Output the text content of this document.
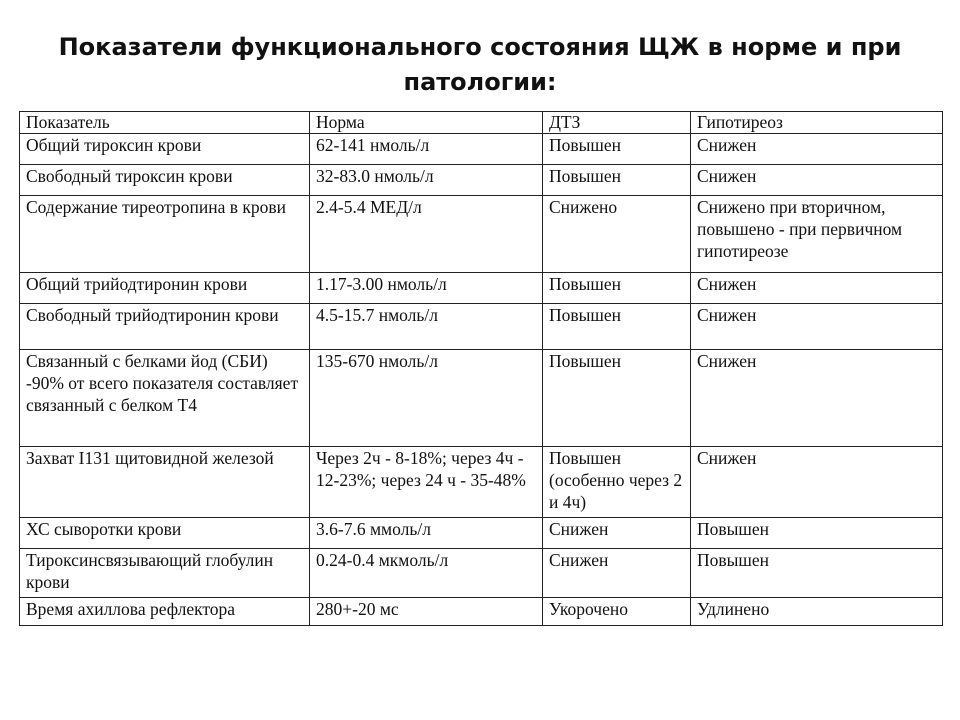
Показатели функционального состояния ЩЖ в норме и при патологии:
Показатель	Норма	ДТЗ	Гипотиреоз
Общий тироксин крови	62-141 нмоль/л	Повышен	Снижен
Свободный тироксин крови	32-83.0 нмоль/л	Повышен	Снижен
Содержание тиреотропина в крови	2.4-5.4 МЕД/л	Снижено	Снижено при вторичном, повышено - при первичном гипотиреозе
Общий трийодтиронин крови	1.17-3.00 нмоль/л	Повышен	Снижен
Свободный трийодтиронин крови	4.5-15.7 нмоль/л	Повышен	Снижен
Связанный с белками йод (СБИ) -90% от всего показателя составляет связанный с белком Т4	135-670 нмоль/л	Повышен	Снижен
Захват I131 щитовидной железой	Через 2ч - 8-18%; через 4ч - 12-23%; через 24 ч - 35-48%	Повышен (особенно через 2 и 4ч)	Снижен
ХС сыворотки крови	3.6-7.6 ммоль/л	Снижен	Повышен
Тироксинсвязывающий глобулин крови	0.24-0.4 мкмоль/л	Снижен	Повышен
Время ахиллова рефлектора	280+-20 мс	Укорочено	Удлинено
